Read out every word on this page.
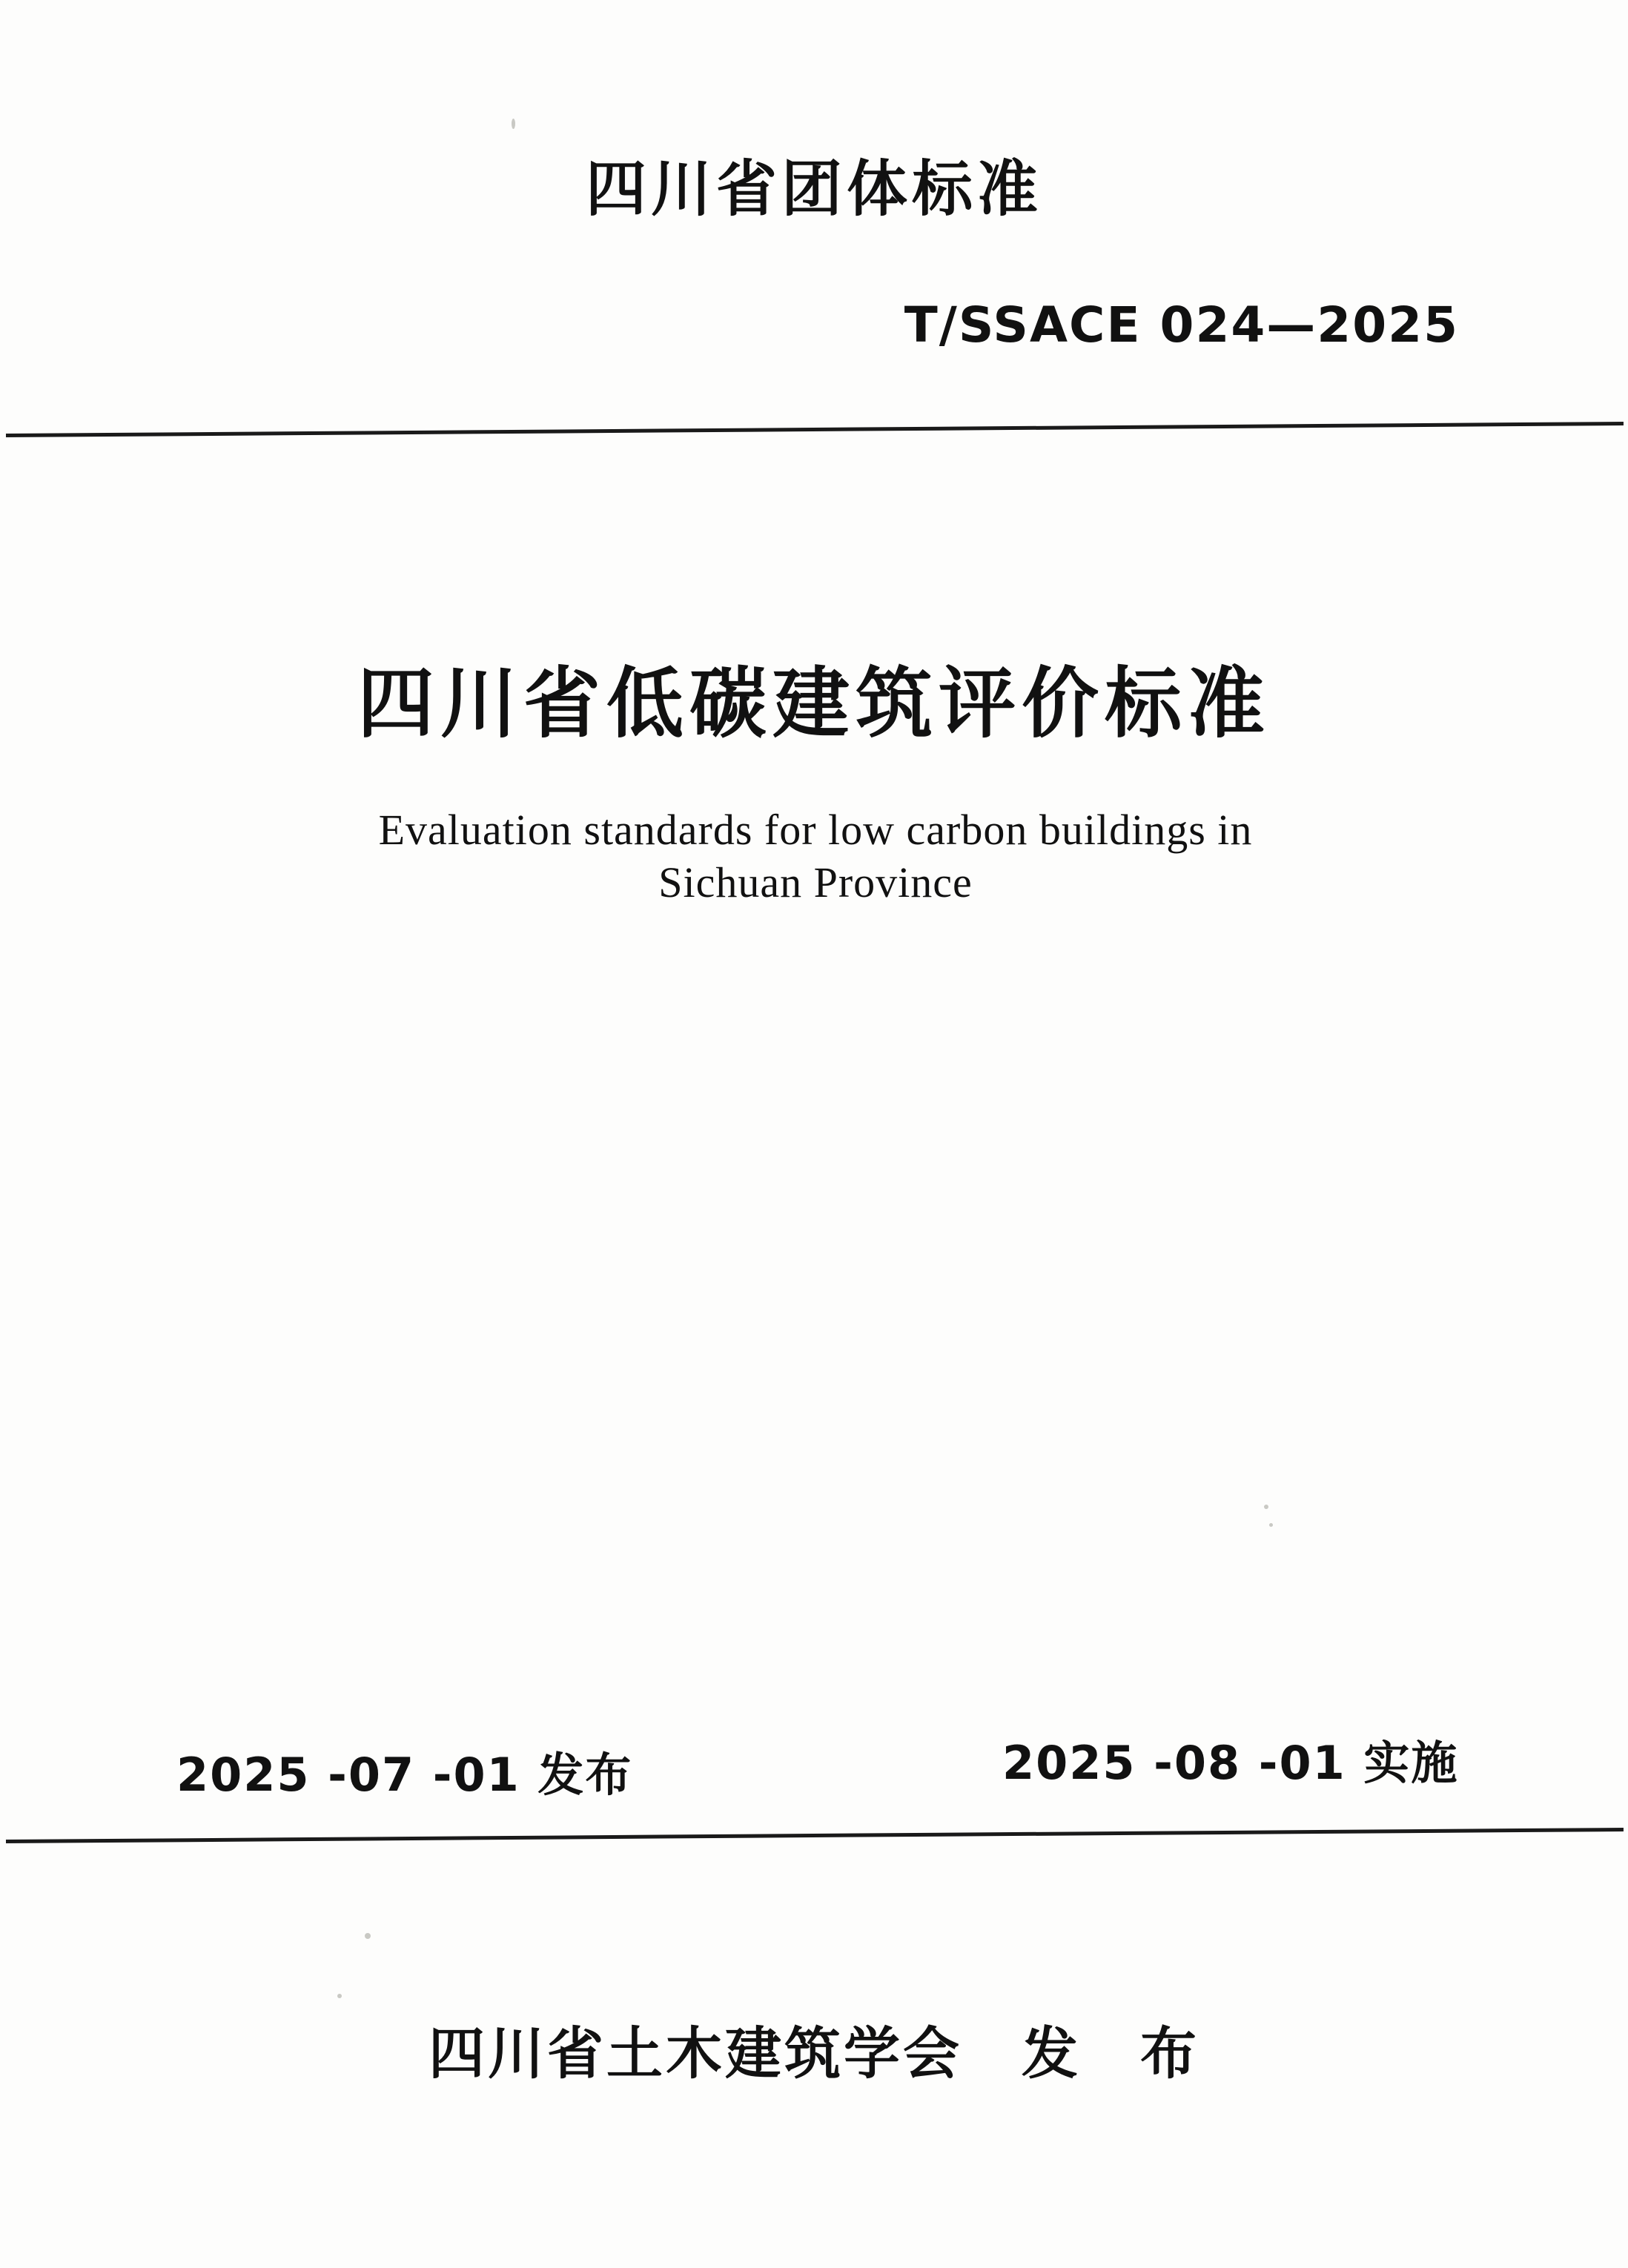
四川省团体标准
T/SSACE 024—2025
四川省低碳建筑评价标准
Evaluation standards for low carbon buildings in
Sichuan Province
2025 -07 -01 发布	2025 -08 -01 实施
四川省土木建筑学会　发　布
